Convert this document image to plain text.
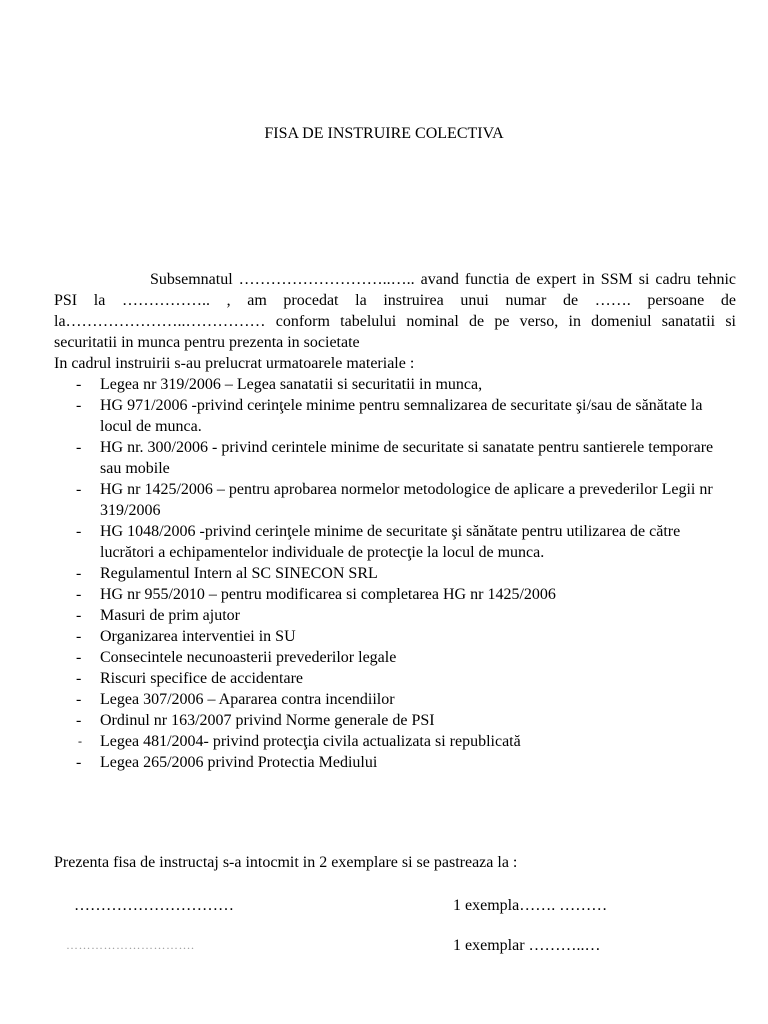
FISA DE INSTRUIRE COLECTIVA

Subsemnatul ………………………..….. avand functia de expert in SSM si cadru tehnic PSI la …………….. , am procedat la instruirea unui numar de ……. persoane de la…………………..…………… conform tabelului nominal de pe verso, in domeniul sanatatii si securitatii in munca pentru prezenta in societate

In cadrul instruirii s-au prelucrat urmatoarele materiale :

- Legea nr 319/2006 – Legea sanatatii si securitatii in munca,
- HG 971/2006 -privind cerinţele minime pentru semnalizarea de securitate şi/sau de sănătate la locul de munca.
- HG nr. 300/2006 - privind cerintele minime de securitate si sanatate pentru santierele temporare sau mobile
- HG nr 1425/2006 – pentru aprobarea normelor metodologice de aplicare a prevederilor Legii nr 319/2006
- HG 1048/2006 -privind cerinţele minime de securitate şi sănătate pentru utilizarea de către lucrători a echipamentelor individuale de protecţie la locul de munca.
- Regulamentul Intern al SC SINECON SRL
- HG nr 955/2010 – pentru modificarea si completarea HG nr 1425/2006
- Masuri de prim ajutor
- Organizarea interventiei in SU
- Consecintele necunoasterii prevederilor legale
- Riscuri specifice de accidentare
- Legea 307/2006 – Apararea contra incendiilor
- Ordinul nr 163/2007 privind Norme generale de PSI
- Legea 481/2004- privind protecţia civila actualizata si republicată
- Legea 265/2006 privind Protectia Mediului
Prezenta fisa de instructaj s-a intocmit in 2 exemplare si se pastreaza la :
…………………………	1 exempla……. ………
………………………….	1 exemplar ………..…
